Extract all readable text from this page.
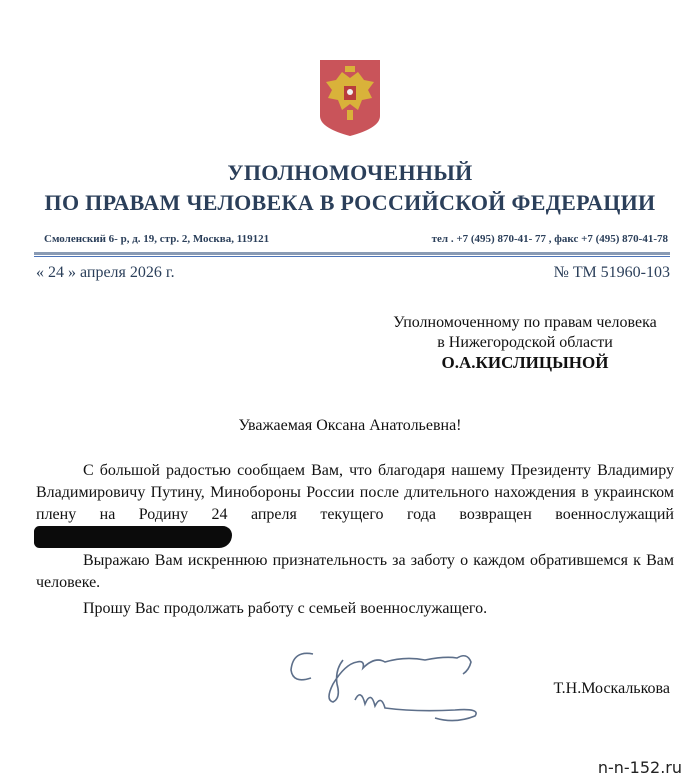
УПОЛНОМОЧЕННЫЙ
ПО ПРАВАМ ЧЕЛОВЕКА В РОССИЙСКОЙ ФЕДЕРАЦИИ
Смоленский 6- р, д. 19, стр. 2, Москва, 119121	тел . +7 (495) 870-41- 77 , факс +7 (495) 870-41-78
« 24 » апреля 2026 г.	№ ТМ 51960-103
Уполномоченному по правам человека
в Нижегородской области
О.А.КИСЛИЦЫНОЙ
Уважаемая Оксана Анатольевна!

С большой радостью сообщаем Вам, что благодаря нашему Президенту Владимиру Владимировичу Путину, Минобороны России после длительного нахождения в украинском плену на Родину 24 апреля текущего года возвращен военнослужащий

Выражаю Вам искреннюю признательность за заботу о каждом обратившемся к Вам человеке.

Прошу Вас продолжать работу с семьей военнослужащего.

Т.Н.Москалькова
n-n-152.ru
